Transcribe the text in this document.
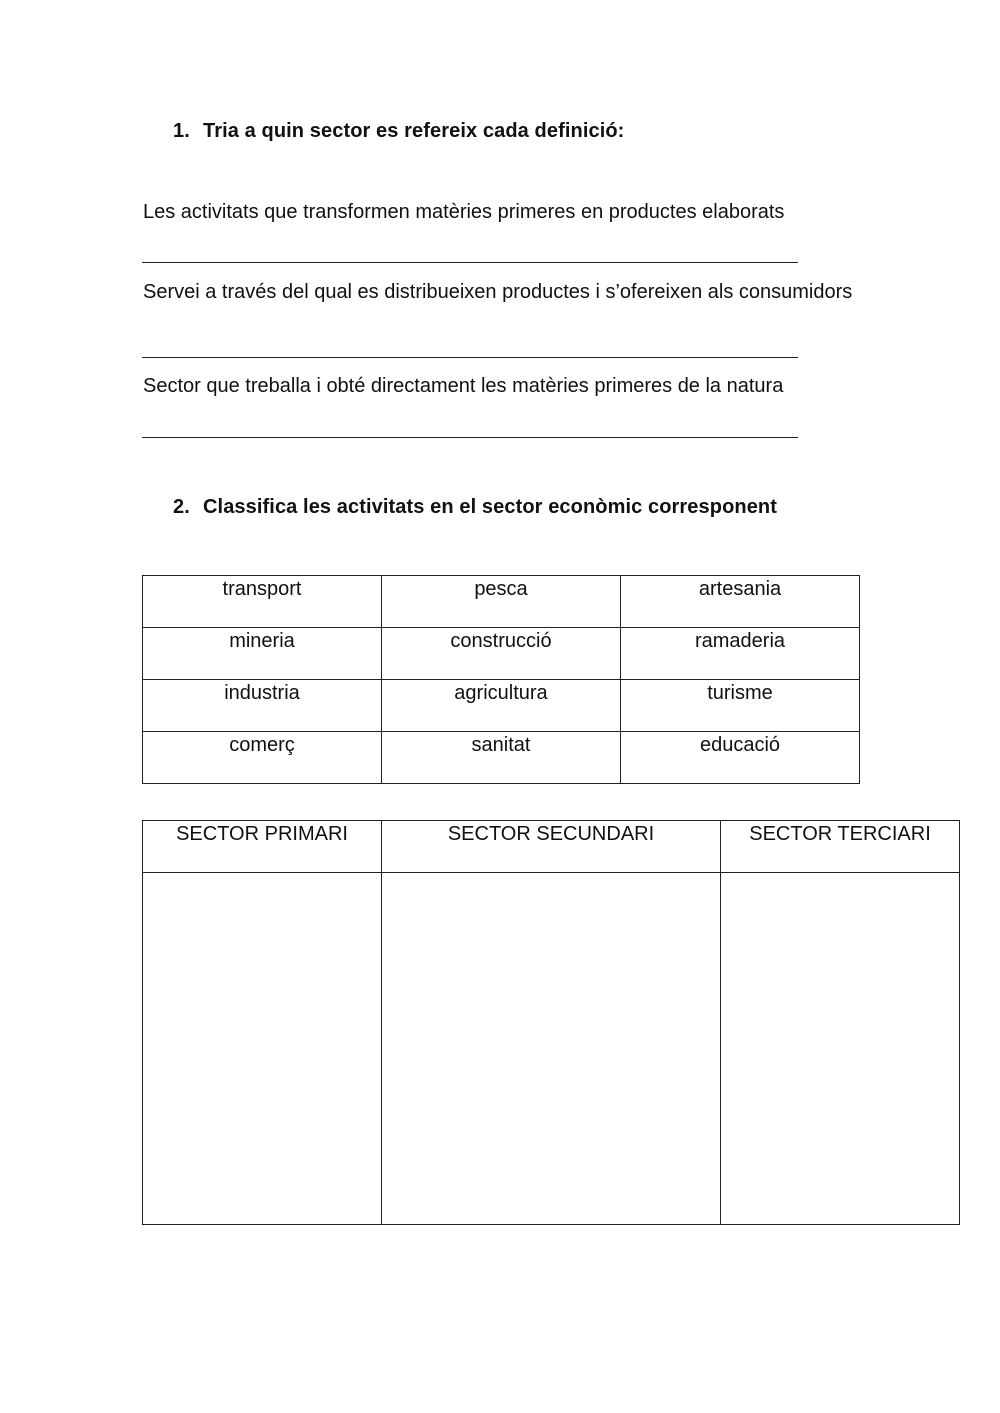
1. Tria a quin sector es refereix cada definició:
Les activitats que transformen matèries primeres en productes elaborats
Servei a través del qual es distribueixen productes i s’ofereixen als consumidors
Sector que treballa i obté directament les matèries primeres de la natura
2. Classifica les activitats en el sector econòmic corresponent
transport	pesca	artesania
mineria	construcció	ramaderia
industria	agricultura	turisme
comerç	sanitat	educació
SECTOR PRIMARI	SECTOR SECUNDARI	SECTOR TERCIARI
